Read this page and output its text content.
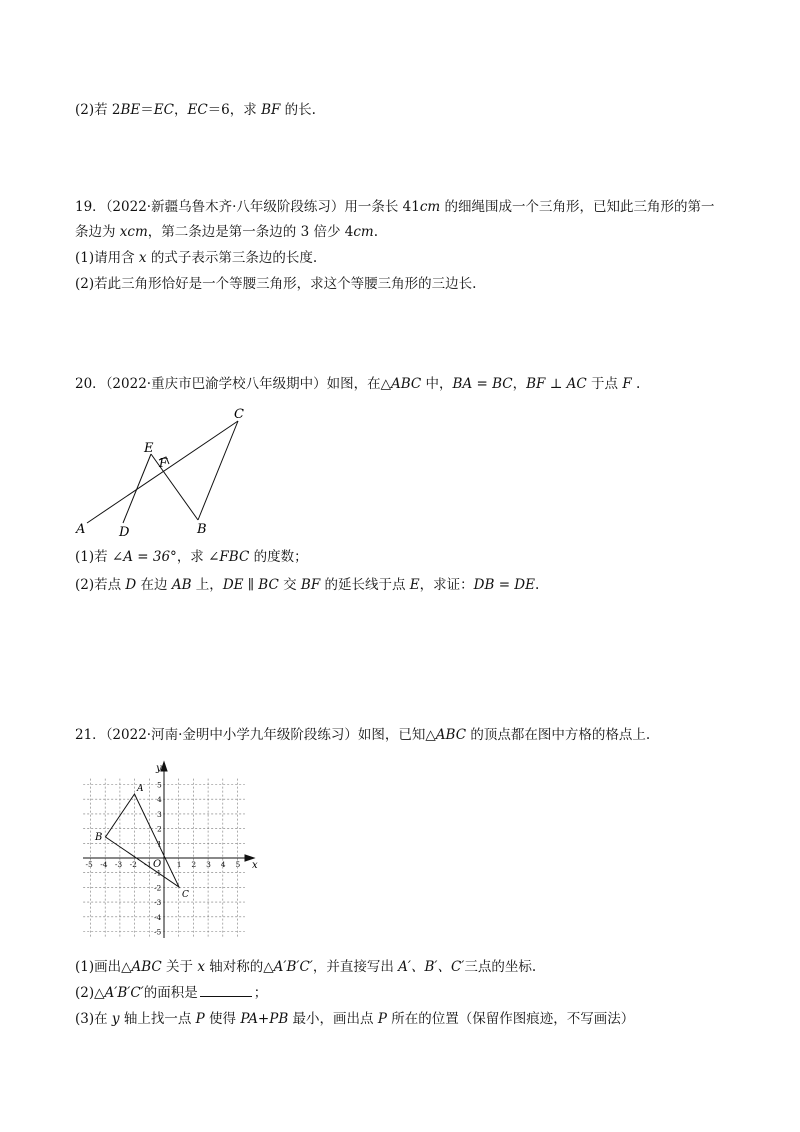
(2)若 2BE＝EC，EC＝6，求 BF 的长.
19．（2022·新疆乌鲁木齐·八年级阶段练习）用一条长 41cm 的细绳围成一个三角形，已知此三角形的第一
条边为 xcm，第二条边是第一条边的 3 倍少 4cm.
(1)请用含 x 的式子表示第三条边的长度.
(2)若此三角形恰好是一个等腰三角形，求这个等腰三角形的三边长.
20．（2022·重庆市巴渝学校八年级期中）如图，在△ABC 中，BA = BC，BF ⊥ AC 于点 F .
A	D	B
C
E
F
(1)若 ∠A = 36°，求 ∠FBC 的度数；
(2)若点 D 在边 AB 上，DE ∥ BC 交 BF 的延长线于点 E，求证：DB = DE.
21．（2022·河南·金明中小学九年级阶段练习）如图，已知△ABC 的顶点都在图中方格的格点上.
-5 -4 -3 -2 -1	1 2 3 4 5
5
4
3
2
1
-1
-2
-3
-4
-5
A
B
C
O
y
x
(1)画出△ABC 关于 x 轴对称的△A′B′C′，并直接写出 A′、B′、C′三点的坐标.
(2)△A′B′C′的面积是	；
(3)在 y 轴上找一点 P 使得 PA+PB 最小，画出点 P 所在的位置（保留作图痕迹，不写画法）
